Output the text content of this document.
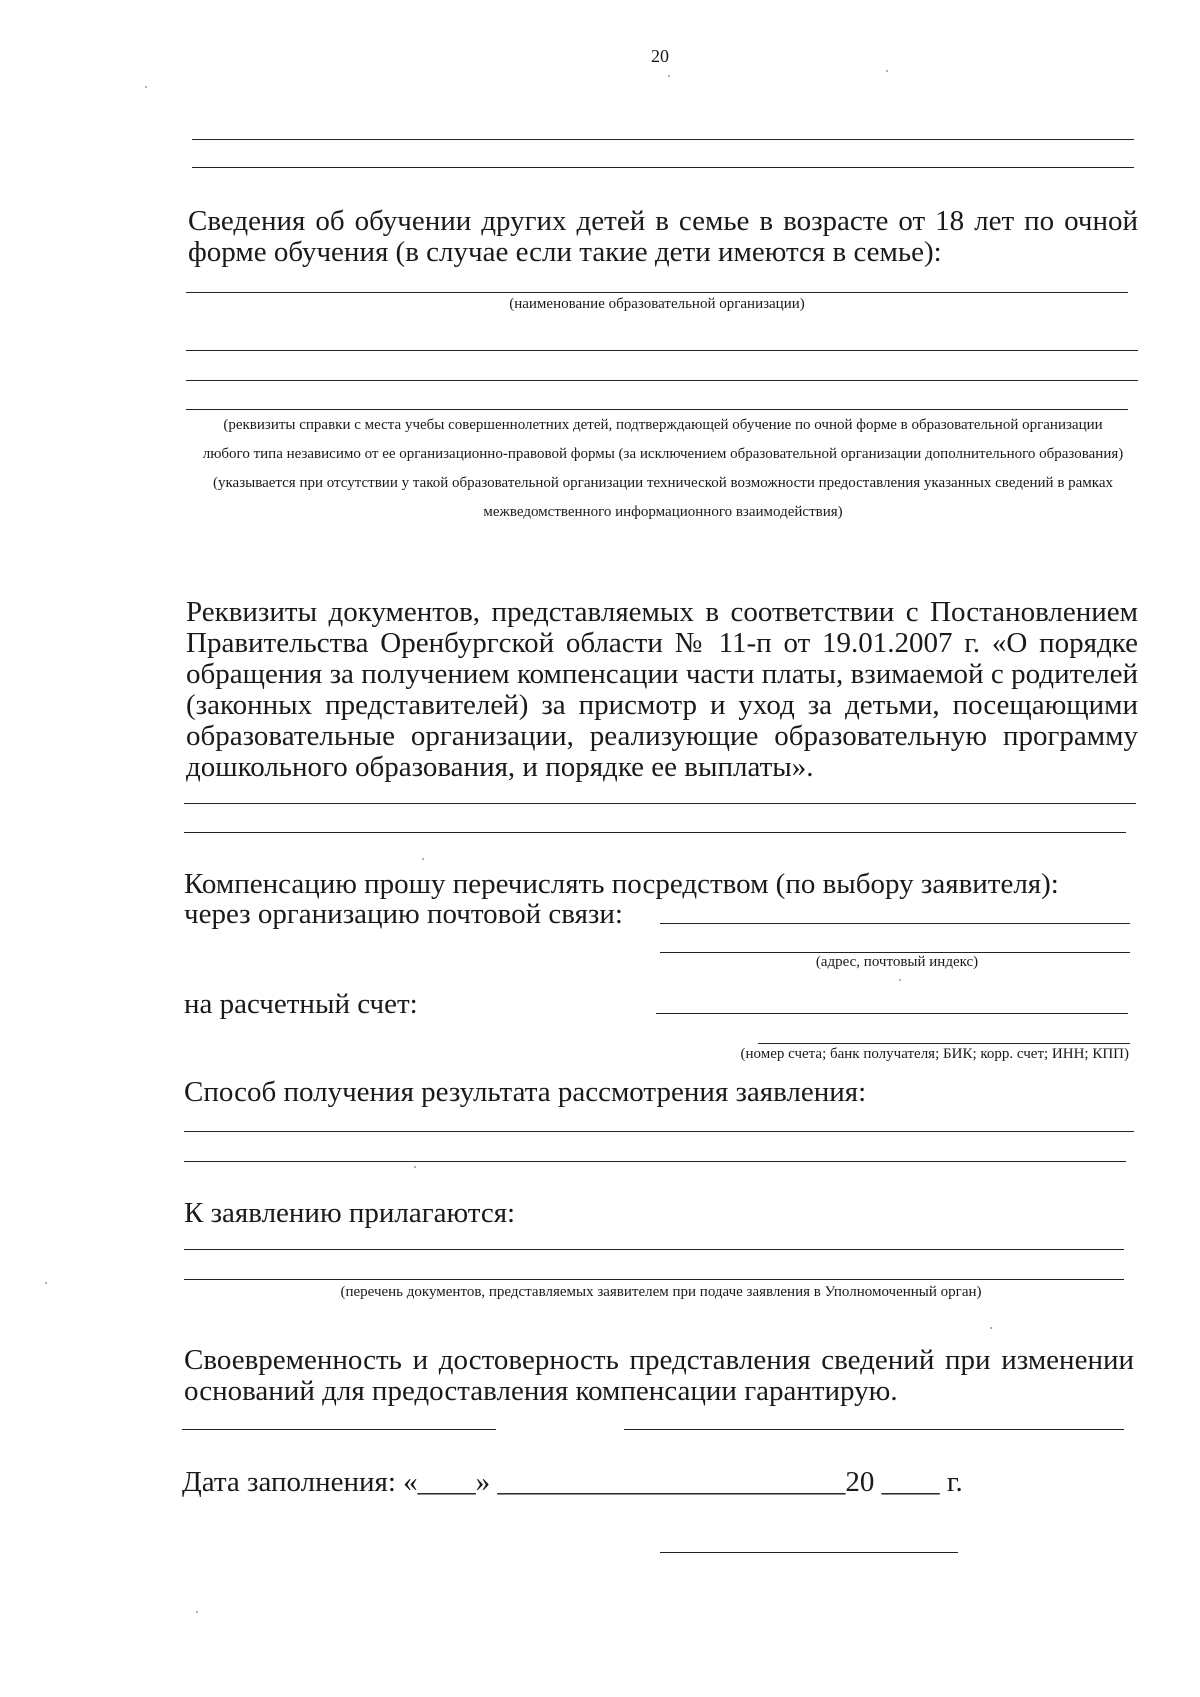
20
Сведения об обучении других детей в семье в возрасте от 18 лет по очной форме обучения (в случае если такие дети имеются в семье):
(наименование образовательной организации)
(реквизиты справки с места учебы совершеннолетних детей, подтверждающей обучение по очной форме в образовательной организации любого типа независимо от ее организационно-правовой формы (за исключением образовательной организации дополнительного образования) (указывается при отсутствии у такой образовательной организации технической возможности предоставления указанных сведений в рамках межведомственного информационного взаимодействия)
Реквизиты документов, представляемых в соответствии с Постановлением Правительства Оренбургской области № 11-п от 19.01.2007 г. «О порядке обращения за получением компенсации части платы, взимаемой с родителей (законных представителей) за присмотр и уход за детьми, посещающими образовательные организации, реализующие образовательную программу дошкольного образования, и порядке ее выплаты».
Компенсацию прошу перечислять посредством (по выбору заявителя):
через организацию почтовой связи:
(адрес, почтовый индекс)
на расчетный счет:
(номер счета; банк получателя; БИК; корр. счет; ИНН; КПП)
Способ получения результата рассмотрения заявления:
К заявлению прилагаются:
(перечень документов, представляемых заявителем при подаче заявления в Уполномоченный орган)
Своевременность и достоверность представления сведений при изменении оснований для предоставления компенсации гарантирую.
Дата заполнения: «____» ________________________20 ____ г.
